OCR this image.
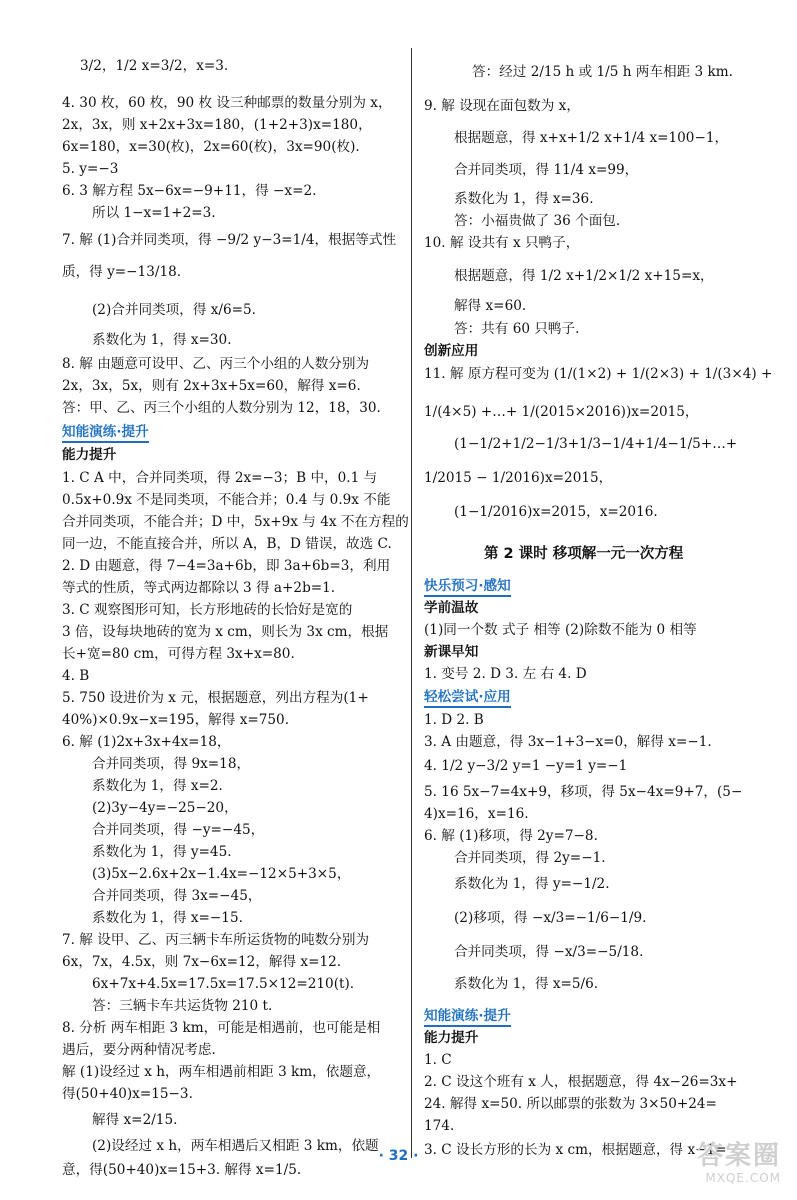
3/2，1/2 x=3/2，x=3.
4. 30 枚，60 枚，90 枚 设三种邮票的数量分别为 x，
2x，3x，则 x+2x+3x=180，(1+2+3)x=180，
6x=180，x=30(枚)，2x=60(枚)，3x=90(枚).
5. y=−3
6. 3 解方程 5x−6x=−9+11，得 −x=2.
所以 1−x=1+2=3.
7. 解 (1)合并同类项，得 −9/2 y−3=1/4，根据等式性
质，得 y=−13/18.
(2)合并同类项，得 x/6=5.
系数化为 1，得 x=30.
8. 解 由题意可设甲、乙、丙三个小组的人数分别为
2x，3x，5x，则有 2x+3x+5x=60，解得 x=6.
答：甲、乙、丙三个小组的人数分别为 12，18，30.
知能演练·提升
能力提升
1. C A 中，合并同类项，得 2x=−3；B 中，0.1 与
0.5x+0.9x 不是同类项，不能合并；0.4 与 0.9x 不能
合并同类项，不能合并；D 中，5x+9x 与 4x 不在方程的
同一边，不能直接合并，所以 A，B，D 错误，故选 C.
2. D 由题意，得 7−4=3a+6b，即 3a+6b=3，利用
等式的性质，等式两边都除以 3 得 a+2b=1.
3. C 观察图形可知，长方形地砖的长恰好是宽的
3 倍，设每块地砖的宽为 x cm，则长为 3x cm，根据
长+宽=80 cm，可得方程 3x+x=80.
4. B
5. 750 设进价为 x 元，根据题意，列出方程为(1+
40%)×0.9x−x=195，解得 x=750.
6. 解 (1)2x+3x+4x=18，
合并同类项，得 9x=18，
系数化为 1，得 x=2.
(2)3y−4y=−25−20，
合并同类项，得 −y=−45，
系数化为 1，得 y=45.
(3)5x−2.6x+2x−1.4x=−12×5+3×5，
合并同类项，得 3x=−45，
系数化为 1，得 x=−15.
7. 解 设甲、乙、丙三辆卡车所运货物的吨数分别为
6x，7x，4.5x，则 7x−6x=12，解得 x=12.
6x+7x+4.5x=17.5x=17.5×12=210(t).
答：三辆卡车共运货物 210 t.
8. 分析 两车相距 3 km，可能是相遇前，也可能是相
遇后，要分两种情况考虑.
解 (1)设经过 x h，两车相遇前相距 3 km，依题意，
得(50+40)x=15−3.
解得 x=2/15.
(2)设经过 x h，两车相遇后又相距 3 km，依题
意，得(50+40)x=15+3. 解得 x=1/5.
答：经过 2/15 h 或 1/5 h 两车相距 3 km.
9. 解 设现在面包数为 x，
根据题意，得 x+x+1/2 x+1/4 x=100−1，
合并同类项，得 11/4 x=99，
系数化为 1，得 x=36.
答：小福贵做了 36 个面包.
10. 解 设共有 x 只鸭子，
根据题意，得 1/2 x+1/2×1/2 x+15=x，
解得 x=60.
答：共有 60 只鸭子.
创新应用
11. 解 原方程可变为 (1/(1×2) + 1/(2×3) + 1/(3×4) +
1/(4×5) +…+ 1/(2015×2016))x=2015，
(1−1/2+1/2−1/3+1/3−1/4+1/4−1/5+…+
1/2015 − 1/2016)x=2015，
(1−1/2016)x=2015，x=2016.
第 2 课时 移项解一元一次方程
快乐预习·感知
学前温故
(1)同一个数 式子 相等 (2)除数不能为 0 相等
新课早知
1. 变号 2. D 3. 左 右 4. D
轻松尝试·应用
1. D 2. B
3. A 由题意，得 3x−1+3−x=0，解得 x=−1.
4. 1/2 y−3/2 y=1 −y=1 y=−1
5. 16 5x−7=4x+9，移项，得 5x−4x=9+7，(5−
4)x=16，x=16.
6. 解 (1)移项，得 2y=7−8.
合并同类项，得 2y=−1.
系数化为 1，得 y=−1/2.
(2)移项，得 −x/3=−1/6−1/9.
合并同类项，得 −x/3=−5/18.
系数化为 1，得 x=5/6.
知能演练·提升
能力提升
1. C
2. C 设这个班有 x 人，根据题意，得 4x−26=3x+
24. 解得 x=50. 所以邮票的张数为 3×50+24=
174.
3. C 设长方形的长为 x cm，根据题意，得 x−1=
· 32 ·	答案圈
MXQE.COM
